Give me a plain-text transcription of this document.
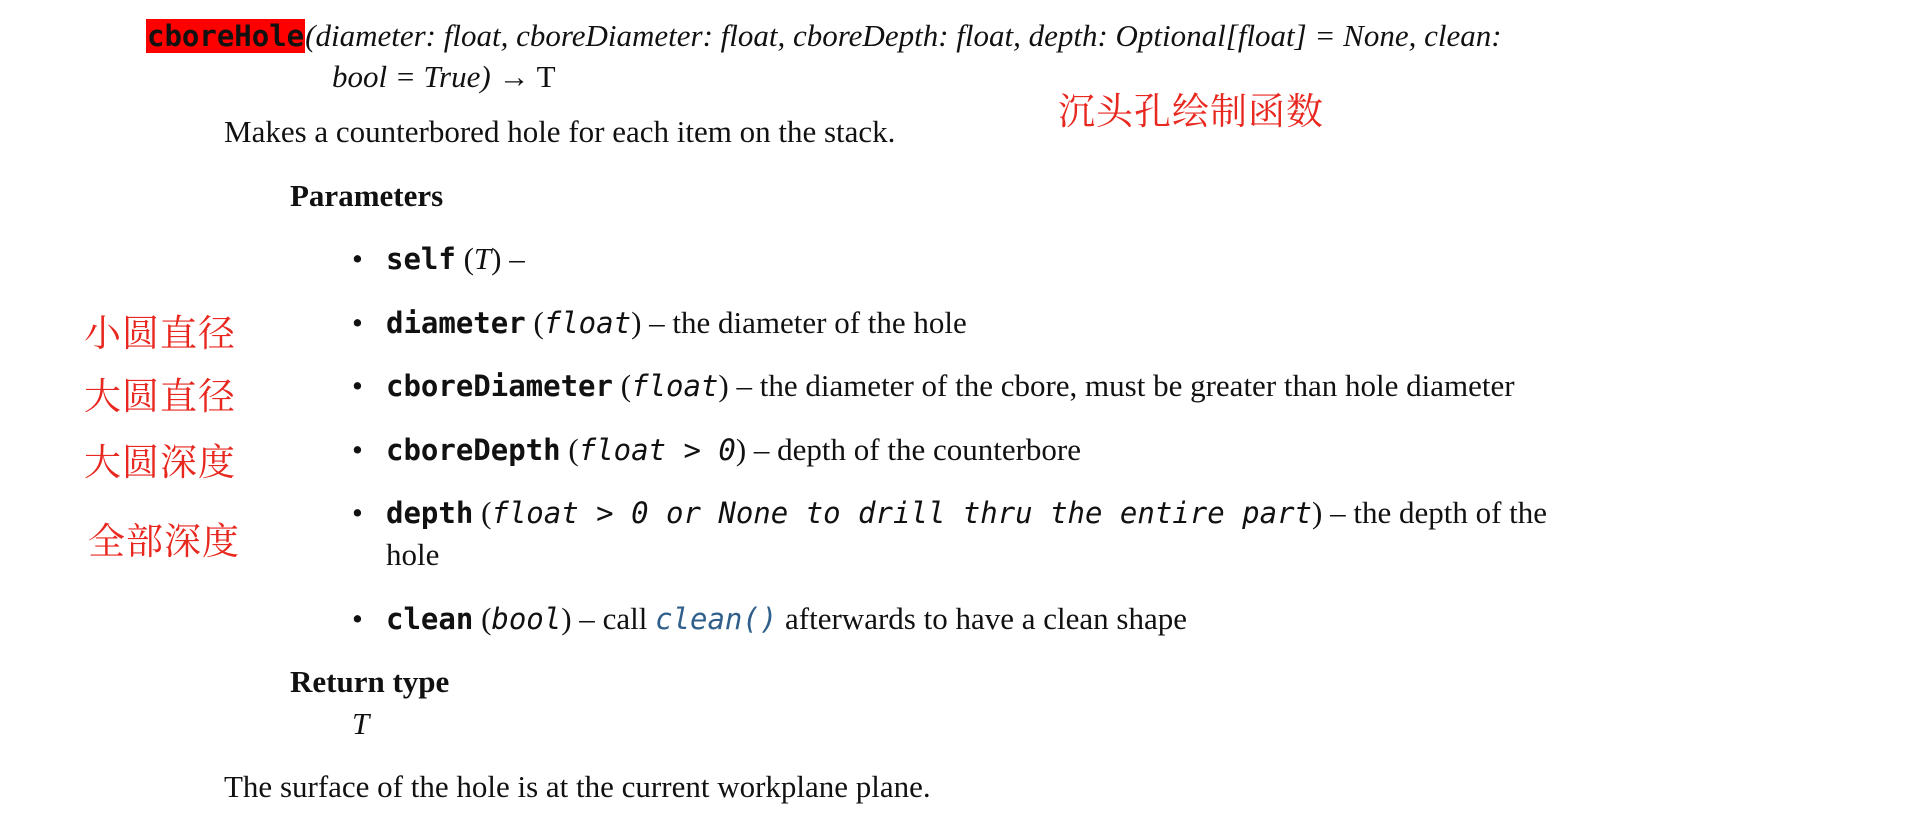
cboreHole(diameter: float, cboreDiameter: float, cboreDepth: float, depth: Optional[float] = None, clean:
bool = True) → T
沉头孔绘制函数
Makes a counterbored hole for each item on the stack.
Parameters
• self (T) –
• diameter (float) – the diameter of the hole
• cboreDiameter (float) – the diameter of the cbore, must be greater than hole diameter
• cboreDepth (float > 0) – depth of the counterbore
• depth (float > 0 or None to drill thru the entire part) – the depth of the
hole
• clean (bool) – call clean() afterwards to have a clean shape
Return type
T
The surface of the hole is at the current workplane plane.
小圆直径
大圆直径
大圆深度
全部深度
